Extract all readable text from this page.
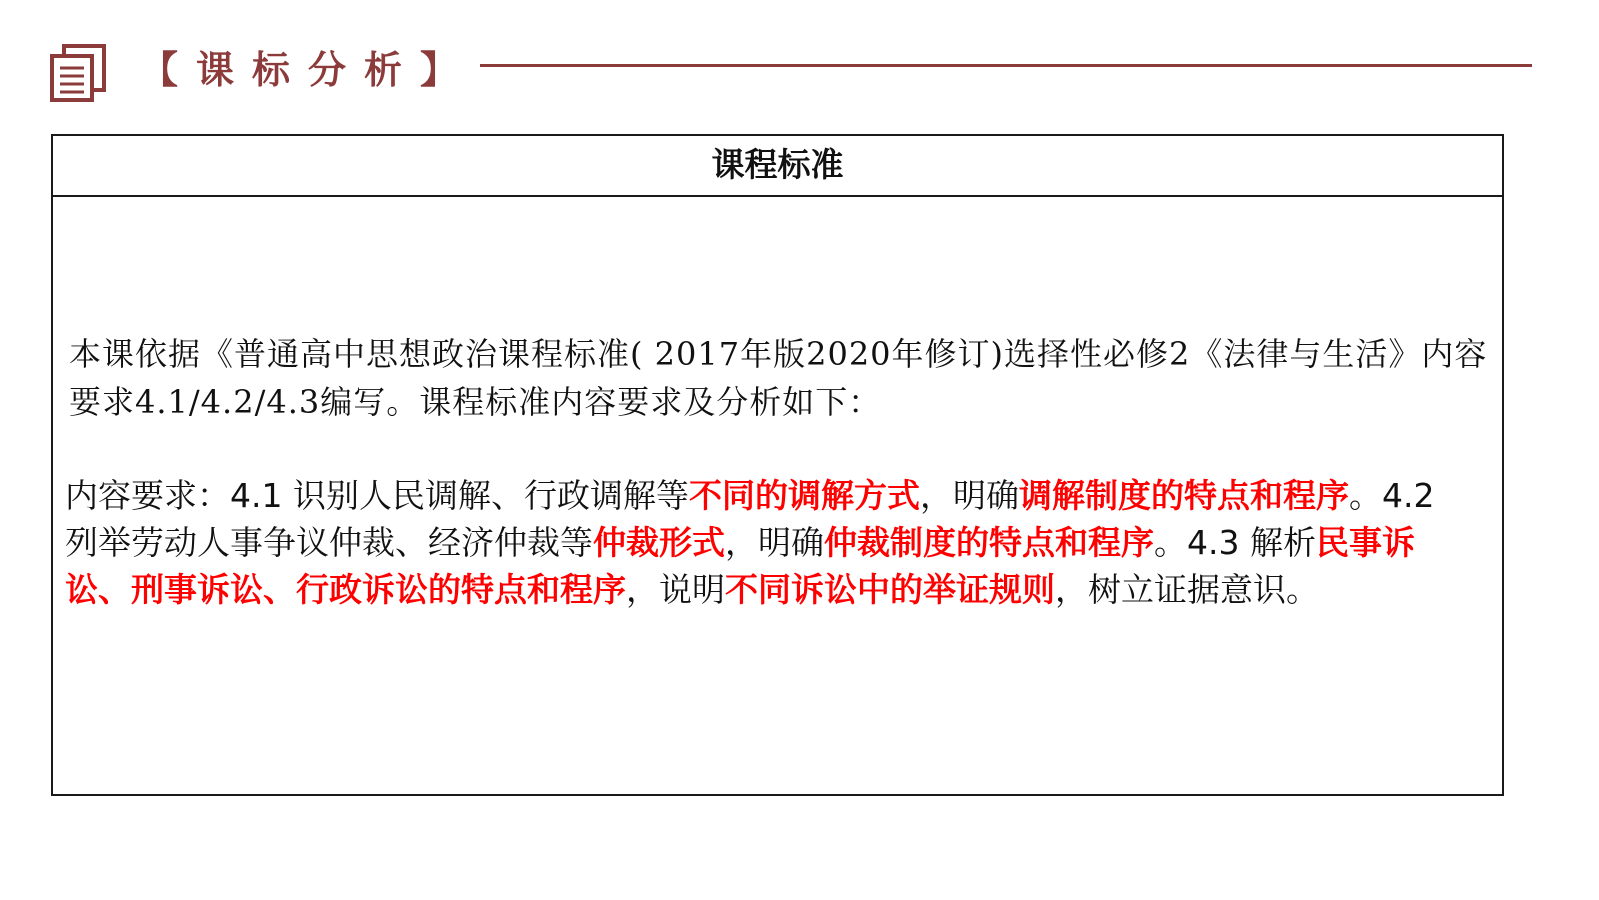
【课标分析】
课程标准
本课依据《普通高中思想政治课程标准( 2017年版2020年修订)选择性必修2《法律与生活》内容要求4.1/4.2/4.3编写。课程标准内容要求及分析如下：
内容要求：4.1 识别人民调解、行政调解等不同的调解方式，明确调解制度的特点和程序。4.2 列举劳动人事争议仲裁、经济仲裁等仲裁形式，明确仲裁制度的特点和程序。4.3 解析民事诉讼、刑事诉讼、行政诉讼的特点和程序，说明不同诉讼中的举证规则，树立证据意识。
